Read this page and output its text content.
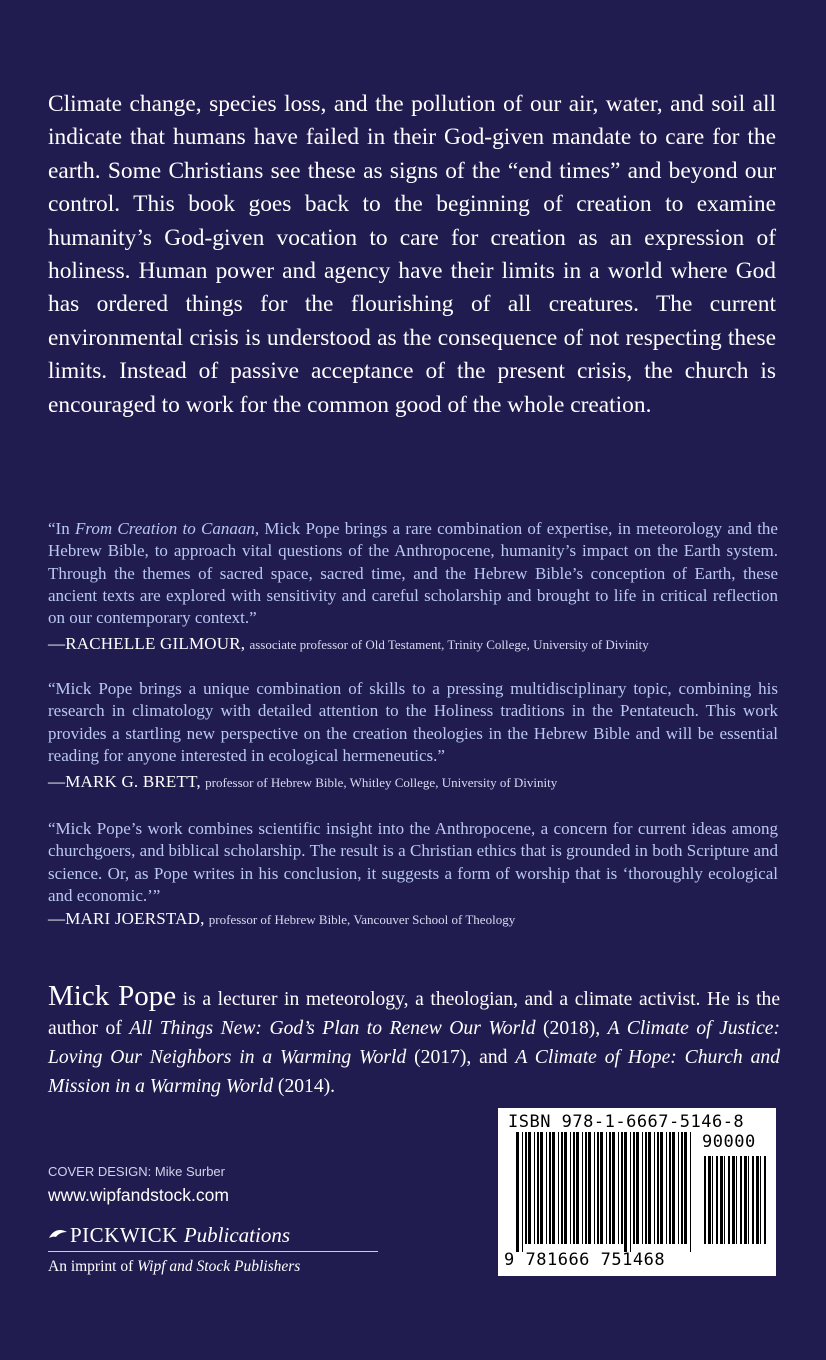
Climate change, species loss, and the pollution of our air, water, and soil all indicate that humans have failed in their God-given mandate to care for the earth. Some Christians see these as signs of the “end times” and beyond our control. This book goes back to the beginning of creation to examine humanity’s God-given vocation to care for creation as an expression of holiness. Human power and agency have their limits in a world where God has ordered things for the flourishing of all creatures. The current environmental crisis is understood as the consequence of not respecting these limits. Instead of passive acceptance of the present crisis, the church is encouraged to work for the common good of the whole creation.

“In From Creation to Canaan, Mick Pope brings a rare combination of expertise, in meteorology and the Hebrew Bible, to approach vital questions of the Anthropocene, humanity’s impact on the Earth system. Through the themes of sacred space, sacred time, and the Hebrew Bible’s conception of Earth, these ancient texts are explored with sensitivity and careful scholarship and brought to life in critical reflection on our contemporary context.”

—RACHELLE GILMOUR, associate professor of Old Testament, Trinity College, University of Divinity

“Mick Pope brings a unique combination of skills to a pressing multidisciplinary topic, combining his research in climatology with detailed attention to the Holiness traditions in the Pentateuch. This work provides a startling new perspective on the creation theologies in the Hebrew Bible and will be essential reading for anyone interested in ecological hermeneutics.”

—MARK G. BRETT, professor of Hebrew Bible, Whitley College, University of Divinity

“Mick Pope’s work combines scientific insight into the Anthropocene, a concern for current ideas among churchgoers, and biblical scholarship. The result is a Christian ethics that is grounded in both Scripture and science. Or, as Pope writes in his conclusion, it suggests a form of worship that is ‘thoroughly ecological and economic.’”

—MARI JOERSTAD, professor of Hebrew Bible, Vancouver School of Theology

Mick Pope is a lecturer in meteorology, a theologian, and a climate activist. He is the author of All Things New: God’s Plan to Renew Our World (2018), A Climate of Justice: Loving Our Neighbors in a Warming World (2017), and A Climate of Hope: Church and Mission in a Warming World (2014).

COVER DESIGN: Mike Surber

www.wipfandstock.com

PICKWICK Publications
An imprint of Wipf and Stock Publishers
ISBN 978-1-6667-5146-8
90000
9 781666 751468
